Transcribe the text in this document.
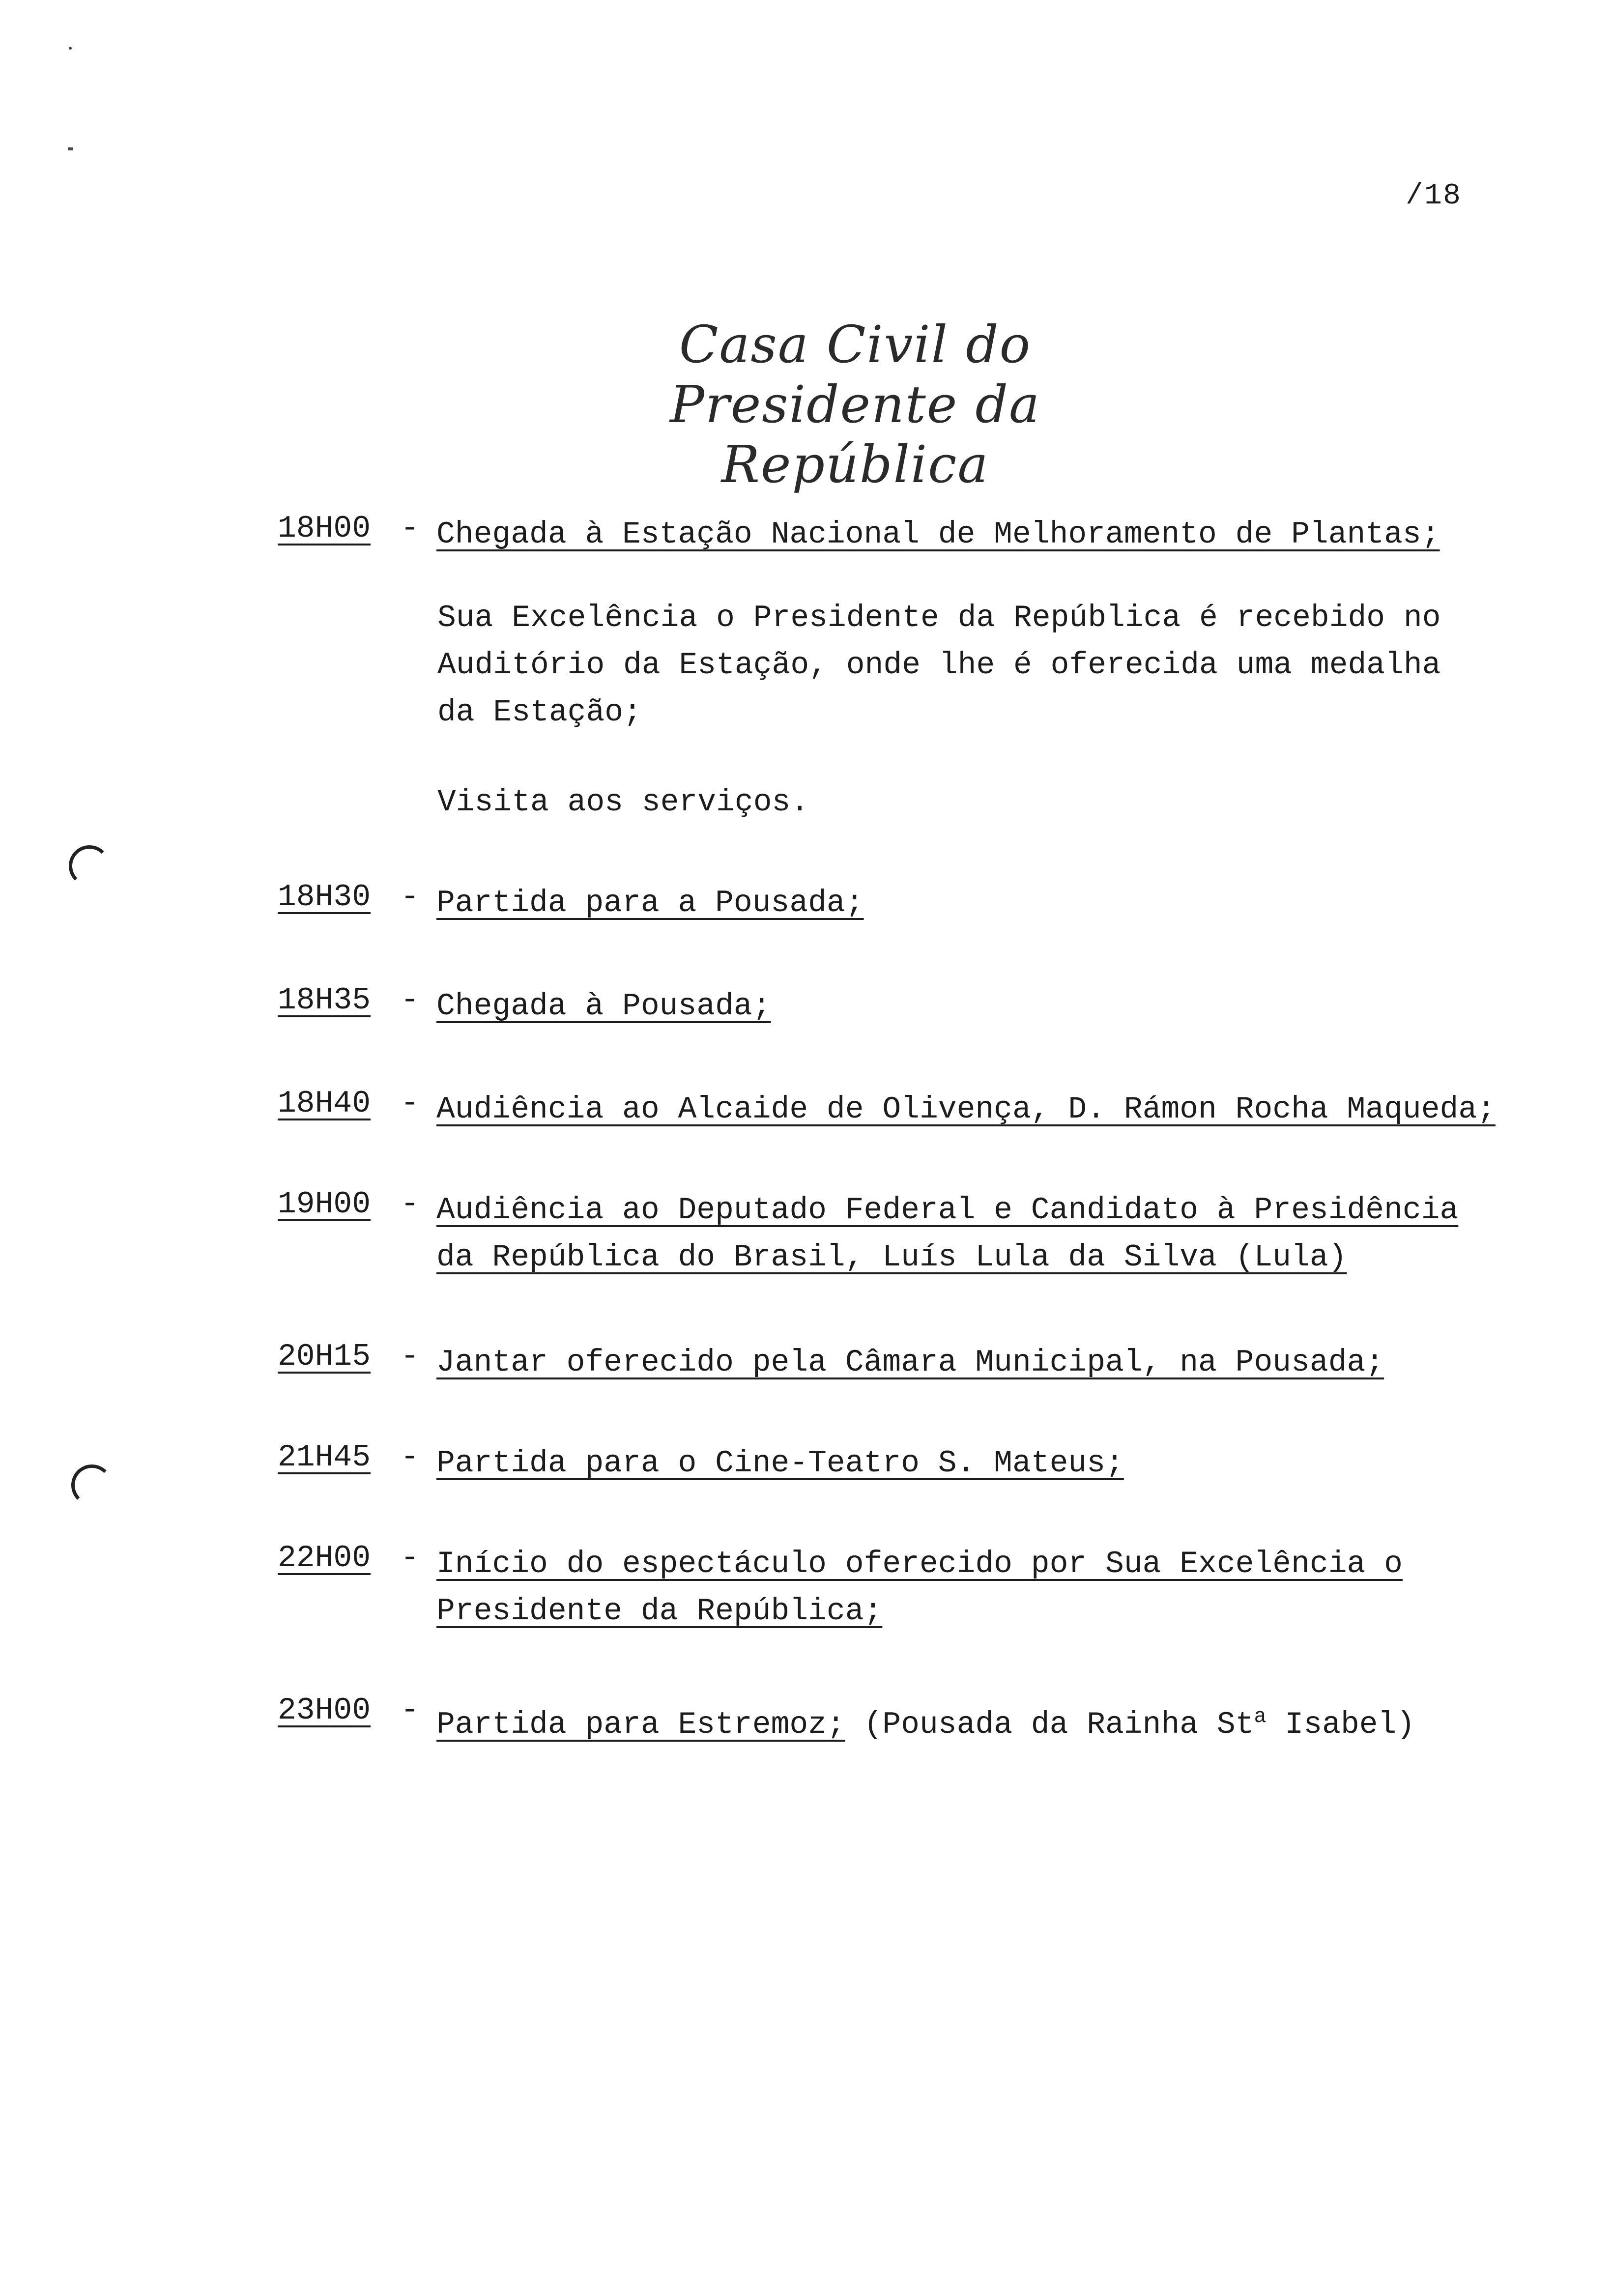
/18
Casa Civil do Presidente da República
18H00 - Chegada à Estação Nacional de Melhoramento de Plantas;
Sua Excelência o Presidente da República é recebido no
Auditório da Estação, onde lhe é oferecida uma medalha
da Estação;
Visita aos serviços.
18H30 - Partida para a Pousada;
18H35 - Chegada à Pousada;
18H40 - Audiência ao Alcaide de Olivença, D. Rámon Rocha Maqueda;
19H00 - Audiência ao Deputado Federal e Candidato à Presidência
da República do Brasil, Luís Lula da Silva (Lula)
20H15 - Jantar oferecido pela Câmara Municipal, na Pousada;
21H45 - Partida para o Cine-Teatro S. Mateus;
22H00 - Início do espectáculo oferecido por Sua Excelência o
Presidente da República;
23H00 - Partida para Estremoz; (Pousada da Rainha St$^a$ Isabel)
